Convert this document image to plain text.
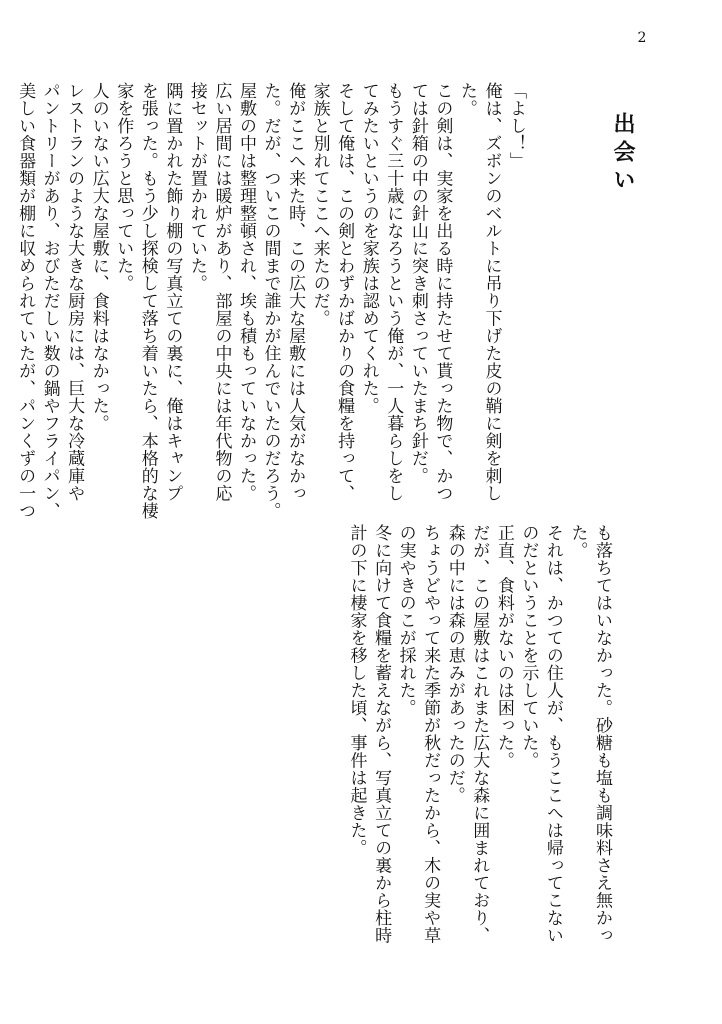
2
出会い
「よし！」
俺は、ズボンのベルトに吊り下げた皮の鞘に剣を刺し
た。
この剣は、実家を出る時に持たせて貰った物で、かつ
ては針箱の中の針山に突き刺さっていたまち針だ。
もうすぐ三十歳になろうという俺が、一人暮らしをし
てみたいというのを家族は認めてくれた。
そして俺は、この剣とわずかばかりの食糧を持って、
家族と別れてここへ来たのだ。
俺がここへ来た時、この広大な屋敷には人気がなかっ
た。だが、ついこの間まで誰かが住んでいたのだろう。
屋敷の中は整理整頓され、埃も積もっていなかった。
広い居間には暖炉があり、部屋の中央には年代物の応
接セットが置かれていた。
隅に置かれた飾り棚の写真立ての裏に、俺はキャンプ
を張った。もう少し探検して落ち着いたら、本格的な棲
家を作ろうと思っていた。
人のいない広大な屋敷に、食料はなかった。
レストランのような大きな厨房には、巨大な冷蔵庫や
パントリーがあり、おびただしい数の鍋やフライパン、
美しい食器類が棚に収められていたが、パンくずの一つ
も落ちてはいなかった。砂糖も塩も調味料さえ無かっ
た。
それは、かつての住人が、もうここへは帰ってこない
のだということを示していた。
正直、食料がないのは困った。
だが、この屋敷はこれまた広大な森に囲まれており、
森の中には森の恵みがあったのだ。
ちょうどやって来た季節が秋だったから、木の実や草
の実やきのこが採れた。
冬に向けて食糧を蓄えながら、写真立ての裏から柱時
計の下に棲家を移した頃、事件は起きた。
